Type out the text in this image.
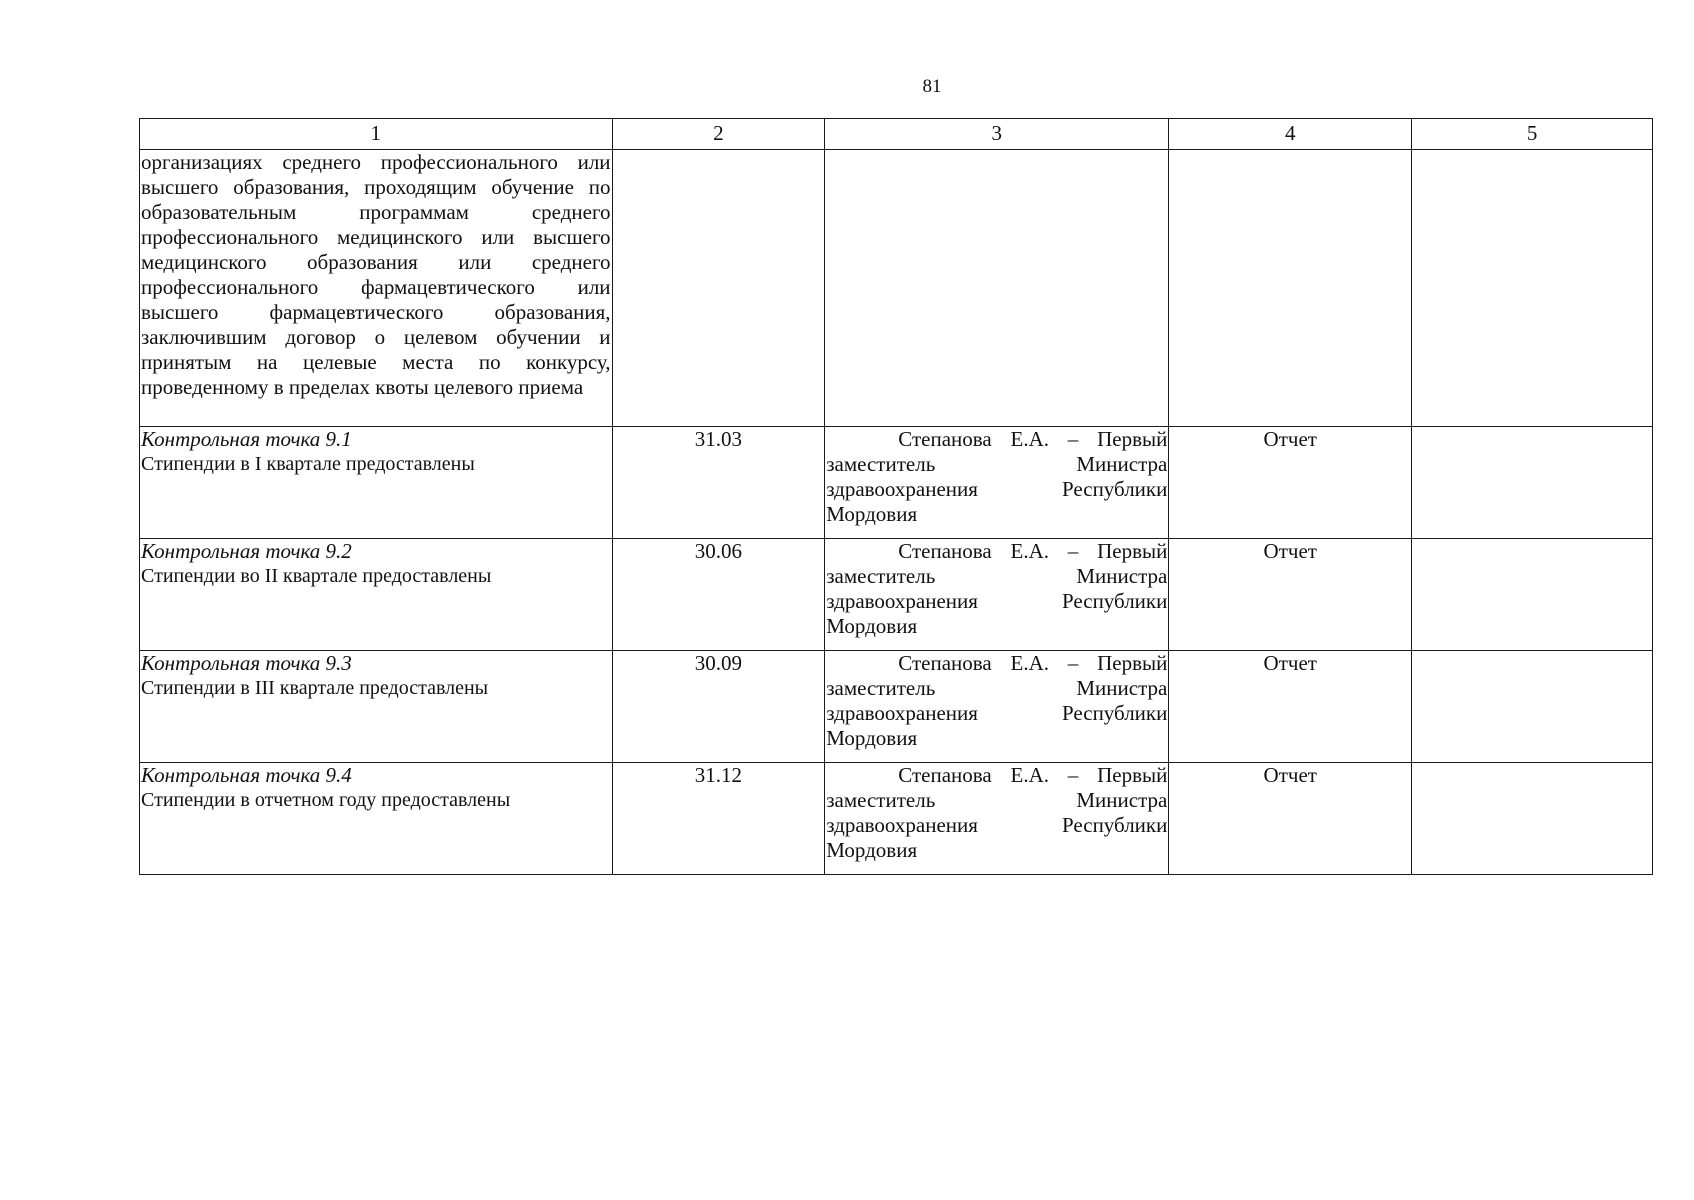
81
1	2	3	4	5

организациях среднего профессионального или высшего образования, проходящим обучение по образовательным программам среднего профессионального медицинского или высшего медицинского образования или среднего профессионального фармацевтического или высшего фармацевтического образования, заключившим договор о целевом обучении и принятым на целевые места по конкурсу, проведенному в пределах квоты целевого приема				

Контрольная точка 9.1
Стипендии в I квартале предоставлены	31.03	Степанова Е.А. – Первый заместитель Министра здравоохранения Республики Мордовия	Отчет	

Контрольная точка 9.2
Стипендии во II квартале предоставлены	30.06	Степанова Е.А. – Первый заместитель Министра здравоохранения Республики Мордовия	Отчет	

Контрольная точка 9.3
Стипендии в III квартале предоставлены	30.09	Степанова Е.А. – Первый заместитель Министра здравоохранения Республики Мордовия	Отчет	

Контрольная точка 9.4
Стипендии в отчетном году предоставлены	31.12	Степанова Е.А. – Первый заместитель Министра здравоохранения Республики Мордовия	Отчет	
